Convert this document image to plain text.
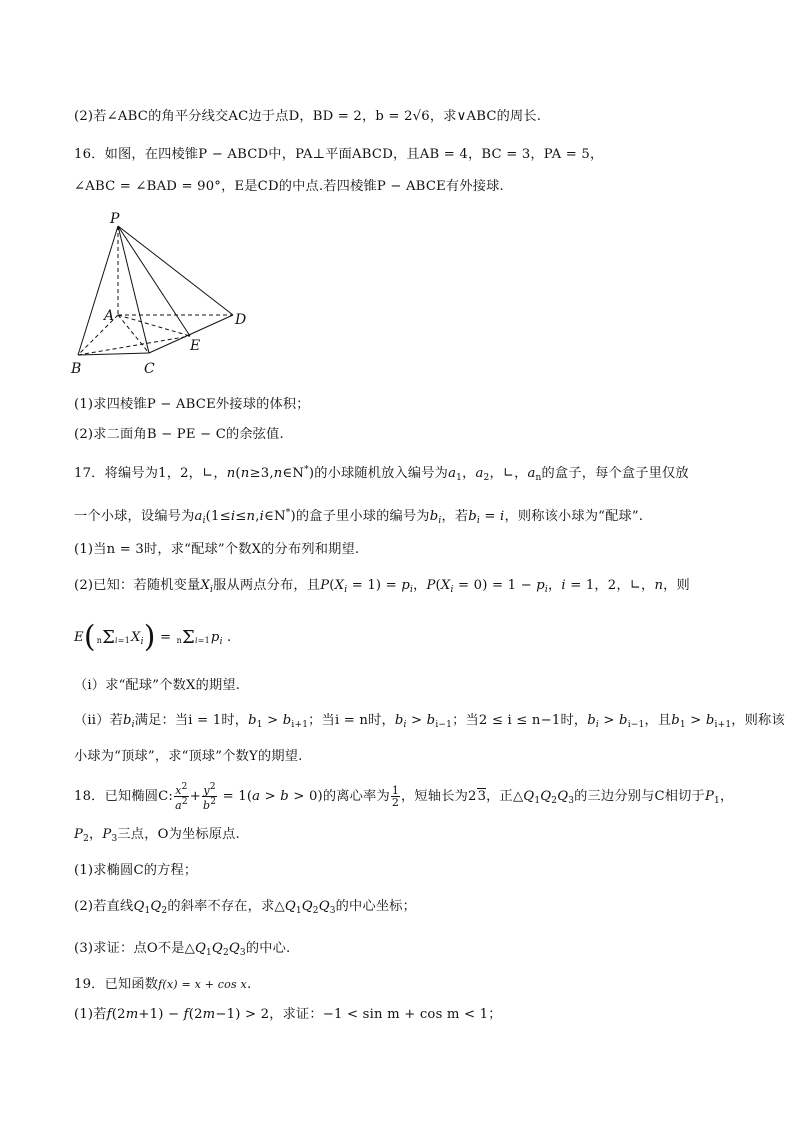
(2)若∠ABC的角平分线交AC边于点D，BD = 2，b = 2√6，求∨ABC的周长.
16．如图，在四棱锥P − ABCD中，PA⊥平面ABCD，且AB = 4，BC = 3，PA = 5，
∠ABC = ∠BAD = 90°，E是CD的中点.若四棱锥P − ABCE有外接球.
P
A	D
E
B	C
(1)求四棱锥P − ABCE外接球的体积；
(2)求二面角B − PE − C的余弦值.
17．将编号为1，2，∟，n(n≥3,n∈N*)的小球随机放入编号为$a_1$，$a_2$，∟，$a_n$的盒子，每个盒子里仅放
一个小球，设编号为$a_i(1\le i\le n,i\in N^*)$的盒子里小球的编号为$b_i$，若$b_i = i$，则称该小球为“配球”.
(1)当n = 3时，求“配球”个数X的分布列和期望.
(2)已知：若随机变量$X_i$服从两点分布，且$P(X_i = 1) = p_i$，$P(X_i = 0) = 1 - p_i$，i = 1，2，∟，n，则
$E(n\Sigma i=1X_i) = n\Sigma i=1p_i$ .
（i）求“配球”个数X的期望.
（ii）若$b_i$满足：当i = 1时，$b_1 > b_{i+1}$；当i = n时，$b_i > b_{i-1}$；当2 ≤ i ≤ n−1时，$b_i > b_{i-1}$，且$b_1 > b_{i+1}$，则称该
小球为“顶球”，求“顶球”个数Y的期望.
18．已知椭圆C: $\frac{x^2}{a^2} + \frac{y^2}{b^2} = 1(a > b > 0)$的离心率为 $\frac{1}{2}$ ，短轴长为23，正$\triangle Q_1Q_2Q_3$的三边分别与C相切于$P_1$，
$P_2$，$P_3$三点，O为坐标原点.
(1)求椭圆C的方程；
(2)若直线$Q_1Q_2$的斜率不存在，求$\triangle Q_1Q_2Q_3$的中心坐标；
(3)求证：点O不是$\triangle Q_1Q_2Q_3$的中心.
19．已知函数f(x) = x + cos x.
(1)若f(2m+1) − f(2m−1) > 2，求证：−1 < sin m + cos m < 1；
